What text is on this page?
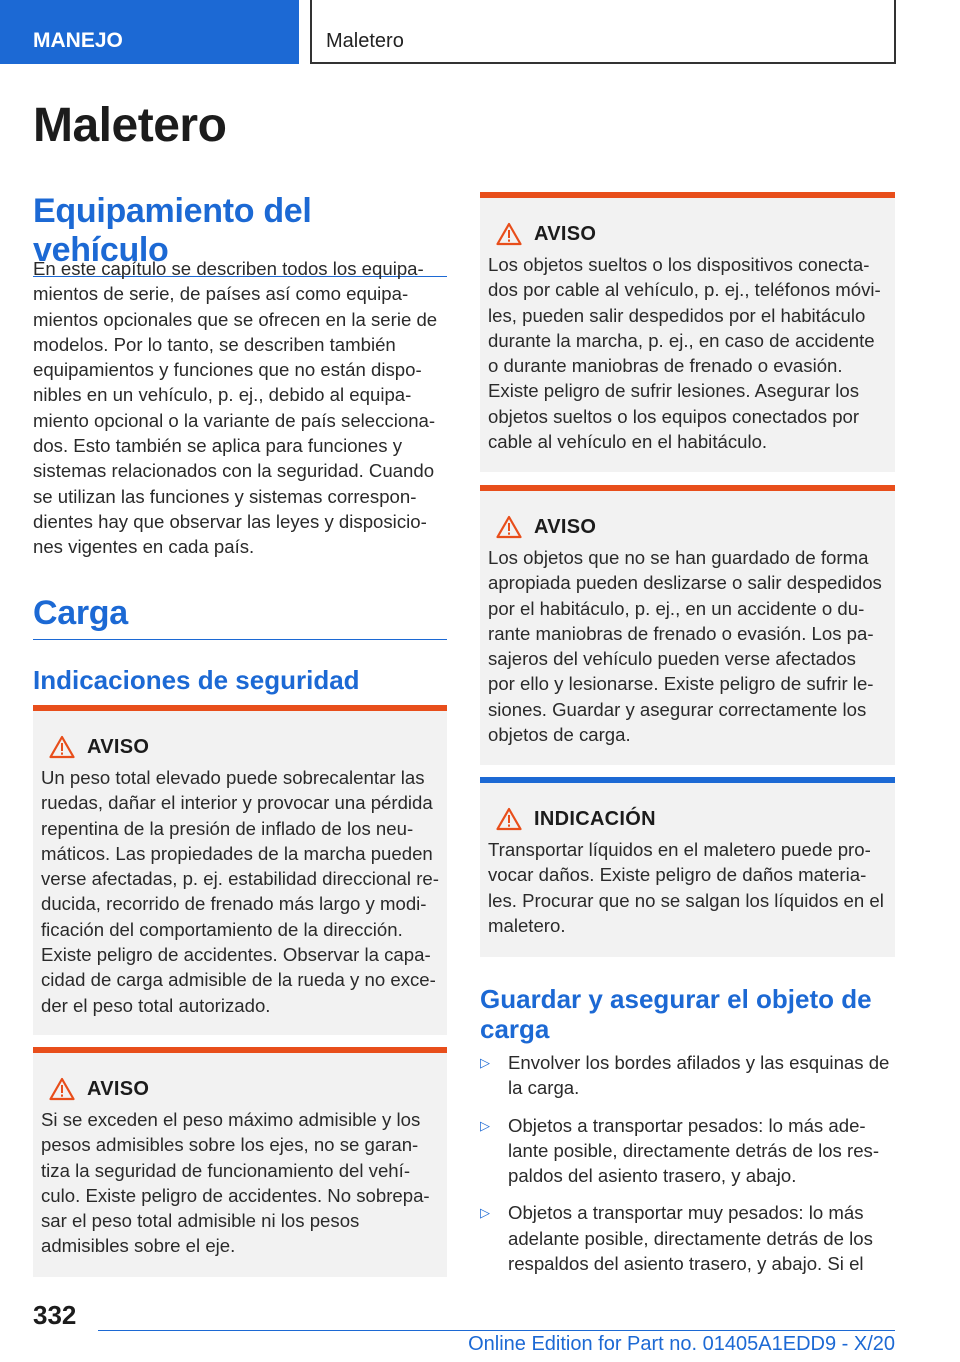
MANEJO	Maletero
Maletero
Equipamiento del vehículo

En este capítulo se describen todos los equipa-mientos de serie, de países así como equipa-mientos opcionales que se ofrecen en la serie de modelos. Por lo tanto, se describen también equipamientos y funciones que no están dispo-nibles en un vehículo, p. ej., debido al equipa-miento opcional o la variante de país selecciona-dos. Esto también se aplica para funciones y sistemas relacionados con la seguridad. Cuando se utilizan las funciones y sistemas correspon-dientes hay que observar las leyes y disposicio-nes vigentes en cada país.

Carga
Indicaciones de seguridad
AVISO
Un peso total elevado puede sobrecalentar las ruedas, dañar el interior y provocar una pérdida repentina de la presión de inflado de los neu-máticos. Las propiedades de la marcha pueden verse afectadas, p. ej. estabilidad direccional re-ducida, recorrido de frenado más largo y modi-ficación del comportamiento de la dirección. Existe peligro de accidentes. Observar la capa-cidad de carga admisible de la rueda y no exce-der el peso total autorizado.
AVISO
Si se exceden el peso máximo admisible y los pesos admisibles sobre los ejes, no se garan-tiza la seguridad de funcionamiento del vehí-culo. Existe peligro de accidentes. No sobrepa-sar el peso total admisible ni los pesos admisibles sobre el eje.
AVISO
Los objetos sueltos o los dispositivos conecta-dos por cable al vehículo, p. ej., teléfonos móvi-les, pueden salir despedidos por el habitáculo durante la marcha, p. ej., en caso de accidente o durante maniobras de frenado o evasión. Existe peligro de sufrir lesiones. Asegurar los objetos sueltos o los equipos conectados por cable al vehículo en el habitáculo.
AVISO
Los objetos que no se han guardado de forma apropiada pueden deslizarse o salir despedidos por el habitáculo, p. ej., en un accidente o du-rante maniobras de frenado o evasión. Los pa-sajeros del vehículo pueden verse afectados por ello y lesionarse. Existe peligro de sufrir le-siones. Guardar y asegurar correctamente los objetos de carga.
INDICACIÓN
Transportar líquidos en el maletero puede pro-vocar daños. Existe peligro de daños materia-les. Procurar que no se salgan los líquidos en el maletero.
Guardar y asegurar el objeto de carga
▷ Envolver los bordes afilados y las esquinas de la carga.
▷ Objetos a transportar pesados: lo más ade-lante posible, directamente detrás de los res-paldos del asiento trasero, y abajo.
▷ Objetos a transportar muy pesados: lo más adelante posible, directamente detrás de los respaldos del asiento trasero, y abajo. Si el
332
Online Edition for Part no. 01405A1EDD9 - X/20
